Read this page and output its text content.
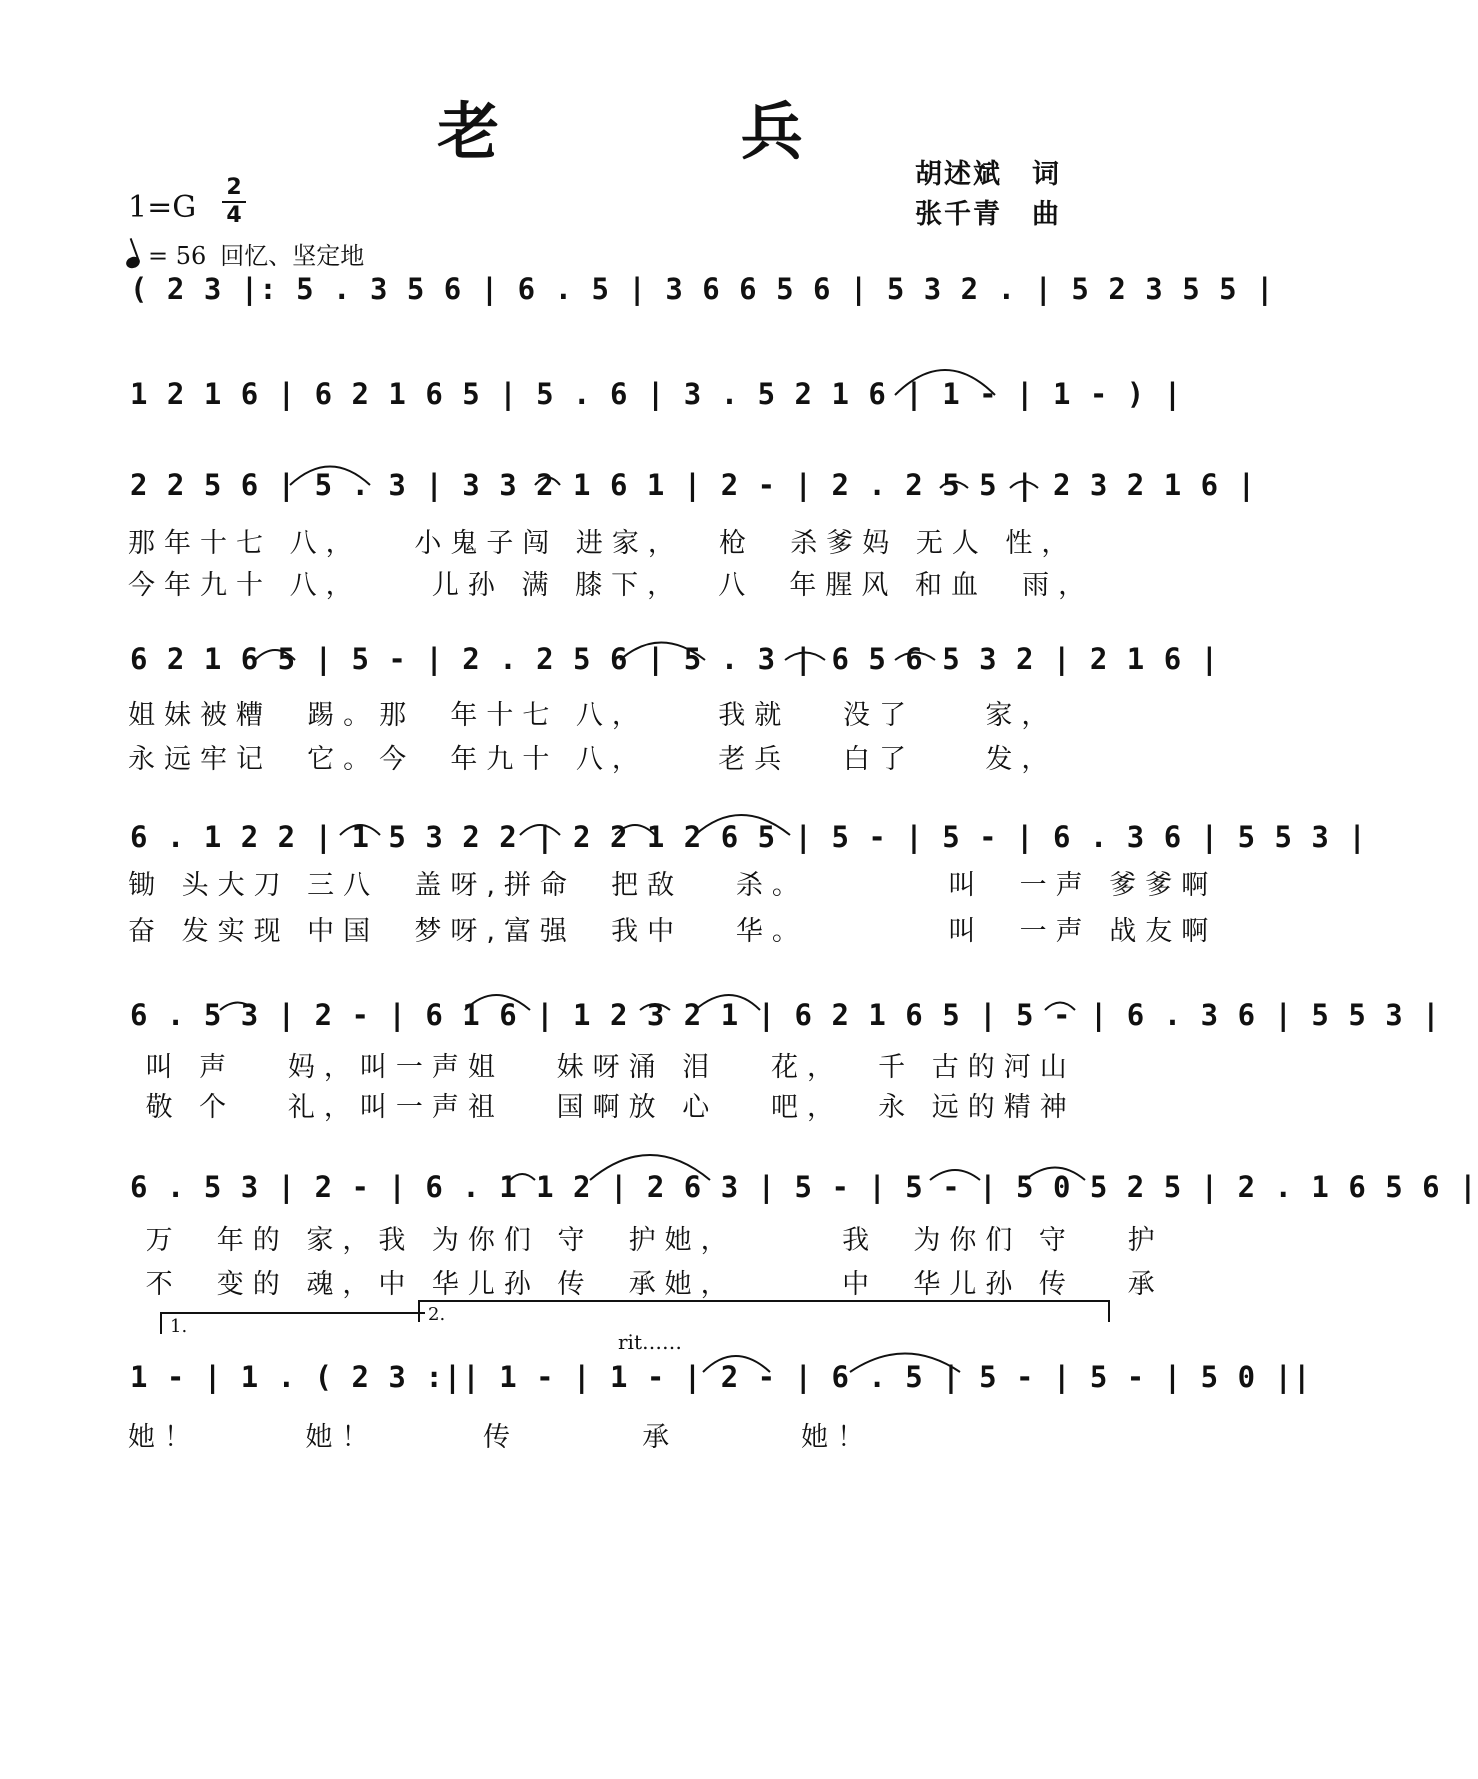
老 兵
1=G
2
4
= 56 回忆、坚定地
胡述斌 词
张千青 曲
( 2 3 |: 5 . 3 5 6 | 6 . 5 | 3 6 6 5 6 | 5 3 2 . | 5 2 3 5 5 |
1 2 1 6 | 6 2 1 6 5 | 5 . 6 | 3 . 5 2 1 6 | 1 - | 1 - ) |
2 2 5 6 | 5 . 3 | 3 3 2 1 6 1 | 2 - | 2 . 2 5 5 | 2 3 2 1 6 |
那年十七 八，   小鬼子闯 进家，  枪  杀爹妈 无人 性，
今年九十 八，    儿孙 满 膝下，  八  年腥风 和血  雨，
6 2 1 6 5 | 5 - | 2 . 2 5 6 | 5 . 3 | 6 5 6 5 3 2 | 2 1 6 |
姐妹被糟  踢。那  年十七 八，    我就   没了    家，
永远牢记  它。今  年九十 八，    老兵   白了    发，
6 . 1 2 2 | 1 5 3 2 2 | 2 2 1 2 6 5 | 5 - | 5 - | 6 . 3 6 | 5 5 3 |
锄 头大刀 三八  盖呀,拼命  把敌   杀。        叫  一声 爹爹啊
奋 发实现 中国  梦呀,富强  我中   华。        叫  一声 战友啊
6 . 5 3 | 2 - | 6 1 6 | 1 2 3 2 1 | 6 2 1 6 5 | 5 - | 6 . 3 6 | 5 5 3 |
叫 声   妈，叫一声姐   妹呀涌 泪   花，  千 古的河山
敬 个   礼，叫一声祖   国啊放 心   吧，  永 远的精神
6 . 5 3 | 2 - | 6 . 1 1 2 | 2 6 3 | 5 - | 5 - | 5 0 5 2 5 | 2 . 1 6 5 6 |
万  年的 家，我 为你们 守  护她，      我  为你们 守   护
不  变的 魂，中 华儿孙 传  承她，      中  华儿孙 传   承
1.
2.
rit……
1 - | 1 . ( 2 3 :|| 1 - | 1 - | 2 - | 6 . 5 | 5 - | 5 - | 5 0 ||
她！      她！      传       承       她！
